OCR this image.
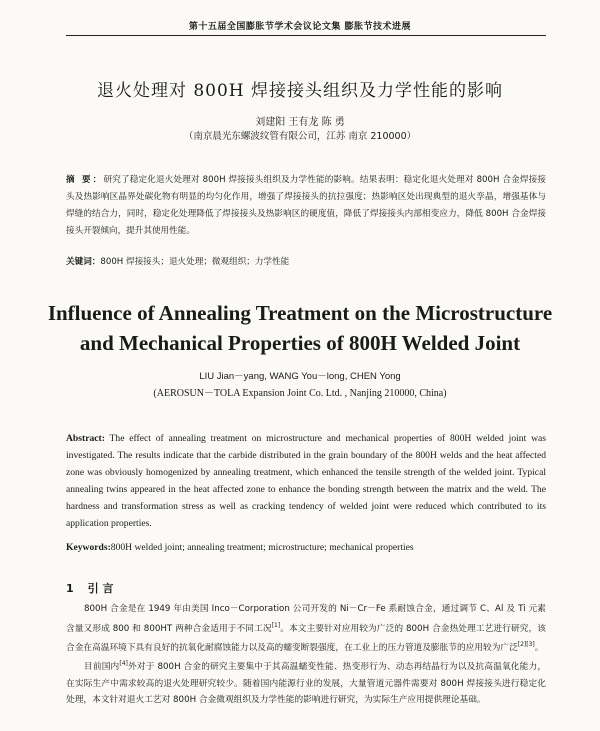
第十五届全国膨胀节学术会议论文集 膨胀节技术进展
退火处理对 800H 焊接接头组织及力学性能的影响
刘建阳 王有龙 陈 勇
（南京晨光东螺波纹管有限公司，江苏 南京 210000）
摘 要：研究了稳定化退火处理对 800H 焊接接头组织及力学性能的影响。结果表明：稳定化退火处理对 800H 合金焊接接头及热影响区晶界处碳化物有明显的均匀化作用，增强了焊接接头的抗拉强度；热影响区处出现典型的退火孪晶，增强基体与焊缝的结合力，同时，稳定化处理降低了焊接接头及热影响区的硬度值，降低了焊接接头内部相变应力，降低 800H 合金焊接接头开裂倾向，提升其使用性能。
关键词：800H 焊接接头；退火处理；微观组织；力学性能
Influence of Annealing Treatment on the Microstructure
and Mechanical Properties of 800H Welded Joint
LIU Jian－yang, WANG You－long, CHEN Yong
(AEROSUN－TOLA Expansion Joint Co. Ltd. , Nanjing 210000, China)
Abstract: The effect of annealing treatment on microstructure and mechanical properties of 800H welded joint was investigated. The results indicate that the carbide distributed in the grain boundary of the 800H welds and the heat affected zone was obviously homogenized by annealing treatment, which enhanced the tensile strength of the welded joint. Typical annealing twins appeared in the heat affected zone to enhance the bonding strength between the matrix and the weld. The hardness and transformation stress as well as cracking tendency of welded joint were reduced which contributed to its application properties.
Keywords:800H welded joint; annealing treatment; microstructure; mechanical properties
1 引 言

800H 合金是在 1949 年由美国 Inco－Corporation 公司开发的 Ni－Cr－Fe 系耐蚀合金，通过调节 C、Al 及 Ti 元素含量又形成 800 和 800HT 两种合金适用于不同工况[1]。本文主要针对应用较为广泛的 800H 合金热处理工艺进行研究，该合金在高温环境下具有良好的抗氧化耐腐蚀能力以及高的蠕变断裂强度，在工业上的压力管道及膨胀节的应用较为广泛[2][3]。

目前国内[4]外对于 800H 合金的研究主要集中于其高温蠕变性能、热变形行为、动态再结晶行为以及抗高温氧化能力，在实际生产中需求较高的退火处理研究较少。随着国内能源行业的发展，大量管道元器件需要对 800H 焊接接头进行稳定化处理，本文针对退火工艺对 800H 合金微观组织及力学性能的影响进行研究，为实际生产应用提供理论基础。
